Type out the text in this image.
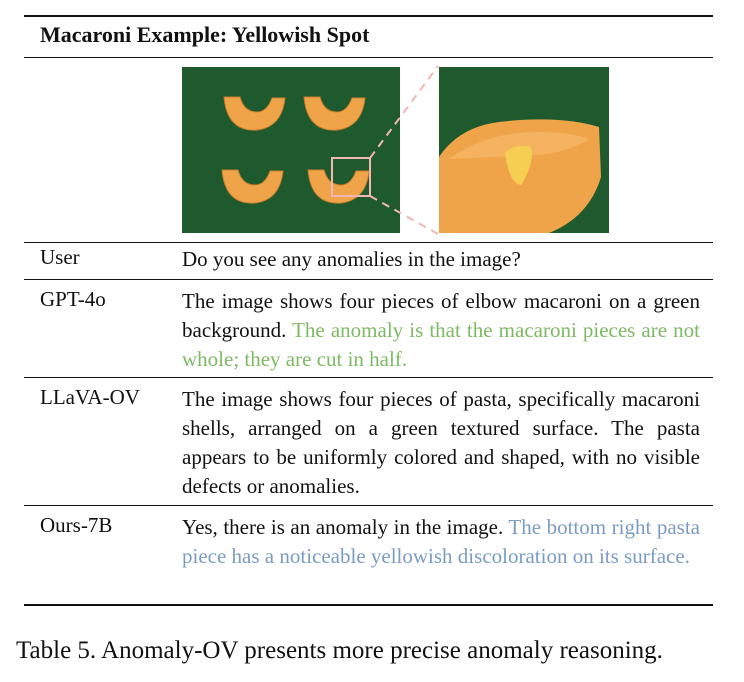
Macaroni Example: Yellowish Spot
User	Do you see any anomalies in the image?
GPT-4o	The image shows four pieces of elbow macaroni on a green background. The anomaly is that the macaroni pieces are not whole; they are cut in half.
LLaVA-OV The image shows four pieces of pasta, specifically macaroni shells, arranged on a green textured surface. The pasta appears to be uniformly colored and shaped, with no visible defects or anomalies.
Ours-7B	Yes, there is an anomaly in the image. The bottom right pasta piece has a noticeable yellowish discoloration on its surface.
Table 5. Anomaly-OV presents more precise anomaly reasoning.
